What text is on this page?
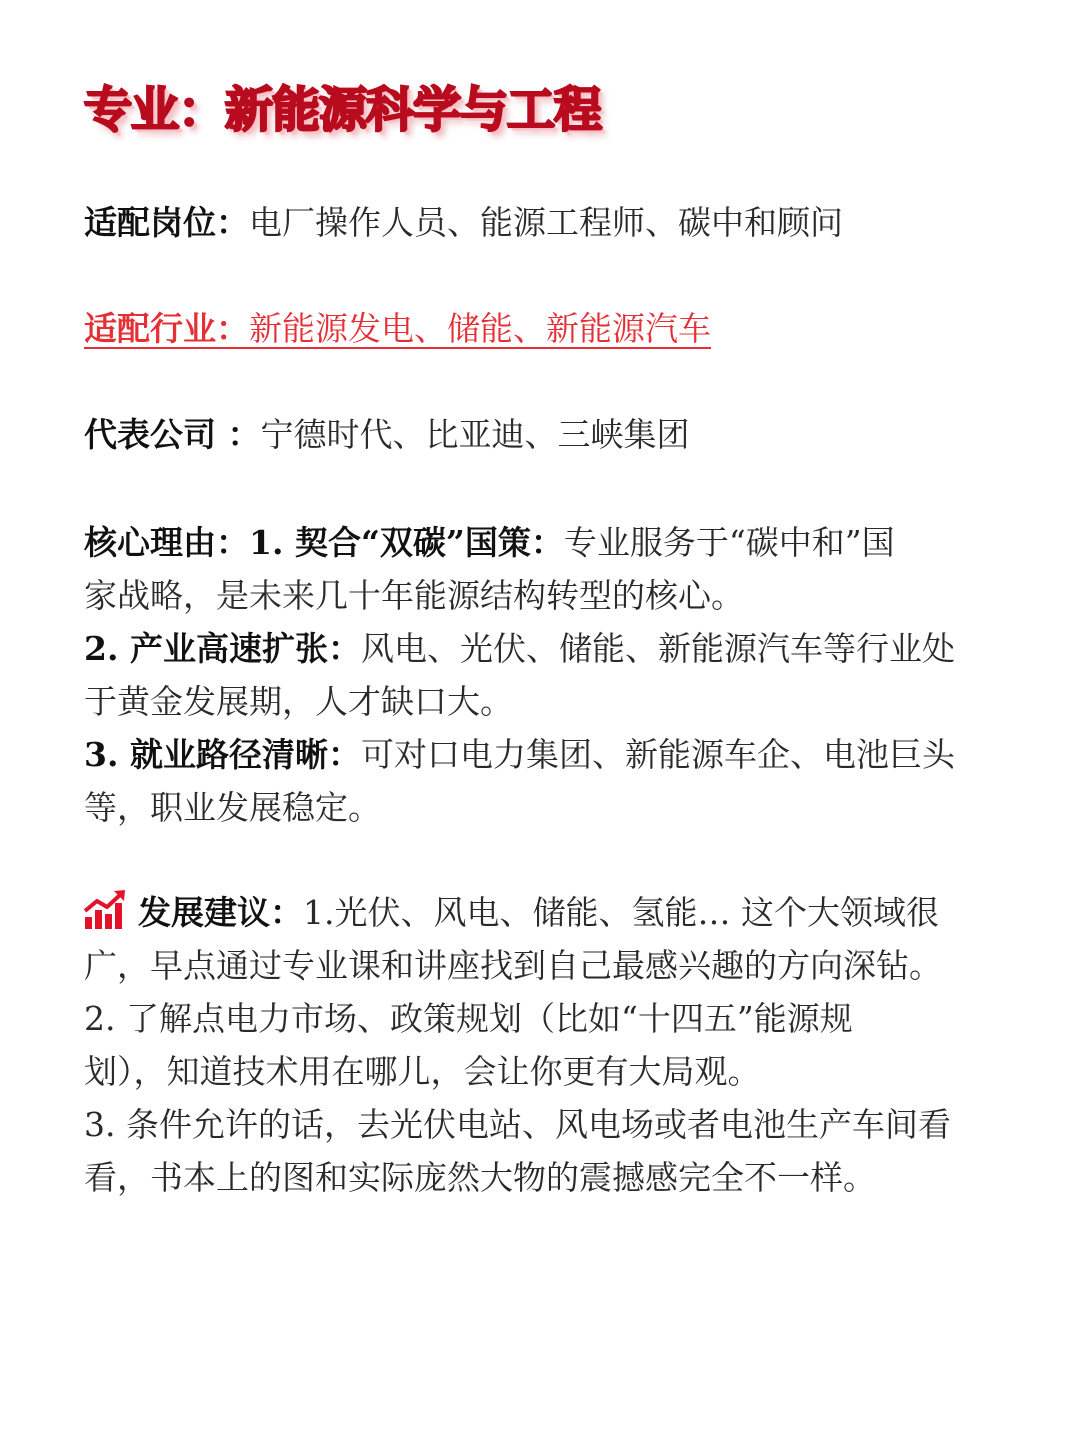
专业：新能源科学与工程

适配岗位：电厂操作人员、能源工程师、碳中和顾问

适配行业：新能源发电、储能、新能源汽车

代表公司 ：宁德时代、比亚迪、三峡集团

核心理由：1. 契合“双碳”国策：专业服务于“碳中和”国
家战略，是未来几十年能源结构转型的核心。
2. 产业高速扩张：风电、光伏、储能、新能源汽车等行业处
于黄金发展期，人才缺口大。
3. 就业路径清晰：可对口电力集团、新能源车企、电池巨头
等，职业发展稳定。
发展建议：1.光伏、风电、储能、氢能… 这个大领域很
广，早点通过专业课和讲座找到自己最感兴趣的方向深钻。
2. 了解点电力市场、政策规划（比如“十四五”能源规
划），知道技术用在哪儿，会让你更有大局观。
3. 条件允许的话，去光伏电站、风电场或者电池生产车间看
看，书本上的图和实际庞然大物的震撼感完全不一样。
